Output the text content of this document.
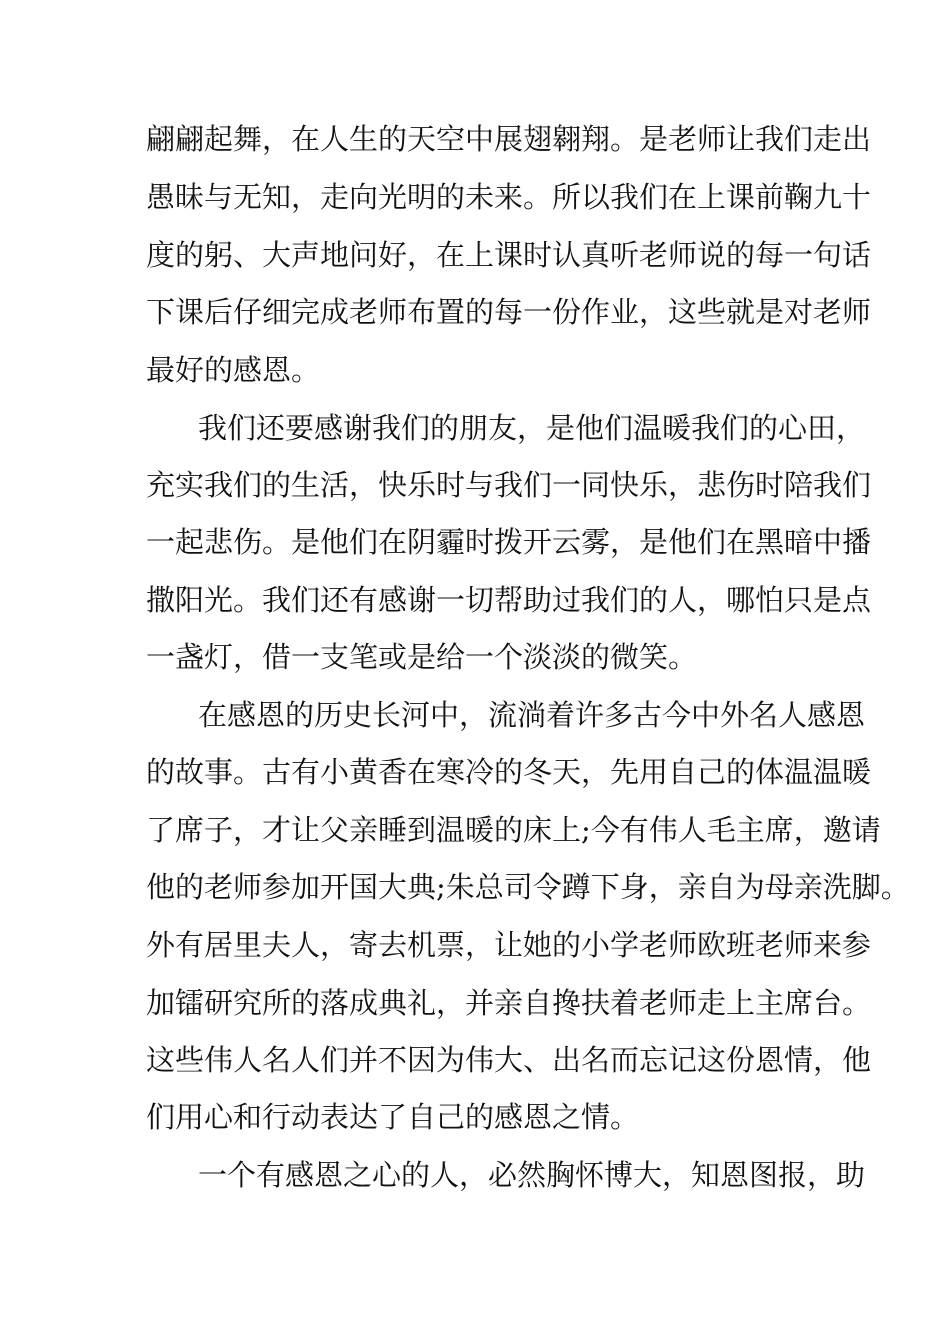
翩翩起舞，在人生的天空中展翅翱翔。是老师让我们走出
愚昧与无知，走向光明的未来。所以我们在上课前鞠九十
度的躬、大声地问好，在上课时认真听老师说的每一句话
下课后仔细完成老师布置的每一份作业，这些就是对老师
最好的感恩。
我们还要感谢我们的朋友，是他们温暖我们的心田，
充实我们的生活，快乐时与我们一同快乐，悲伤时陪我们
一起悲伤。是他们在阴霾时拨开云雾，是他们在黑暗中播
撒阳光。我们还有感谢一切帮助过我们的人，哪怕只是点
一盏灯，借一支笔或是给一个淡淡的微笑。
在感恩的历史长河中，流淌着许多古今中外名人感恩
的故事。古有小黄香在寒冷的冬天，先用自己的体温温暖
了席子，才让父亲睡到温暖的床上;今有伟人毛主席，邀请
他的老师参加开国大典;朱总司令蹲下身，亲自为母亲洗脚。
外有居里夫人，寄去机票，让她的小学老师欧班老师来参
加镭研究所的落成典礼，并亲自搀扶着老师走上主席台。
这些伟人名人们并不因为伟大、出名而忘记这份恩情，他
们用心和行动表达了自己的感恩之情。
一个有感恩之心的人，必然胸怀博大，知恩图报，助
